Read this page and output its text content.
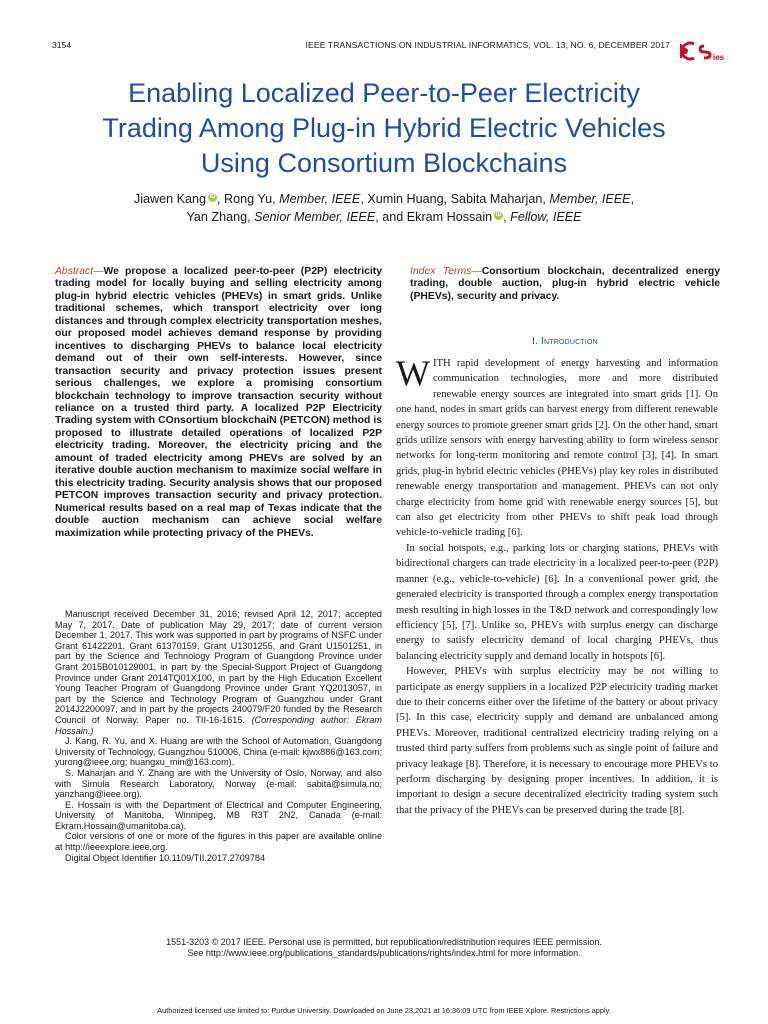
3154	IEEE TRANSACTIONS ON INDUSTRIAL INFORMATICS, VOL. 13, NO. 6, DECEMBER 2017
ies
Enabling Localized Peer-to-Peer Electricity
Trading Among Plug-in Hybrid Electric Vehicles
Using Consortium Blockchains
Jiawen Kang iD , Rong Yu, Member, IEEE, Xumin Huang, Sabita Maharjan, Member, IEEE,
Yan Zhang, Senior Member, IEEE, and Ekram Hossain iD , Fellow, IEEE
Abstract—We propose a localized peer-to-peer (P2P) electricity trading model for locally buying and selling electricity among plug-in hybrid electric vehicles (PHEVs) in smart grids. Unlike traditional schemes, which transport electricity over long distances and through complex electricity transportation meshes, our proposed model achieves demand response by providing incentives to discharging PHEVs to balance local electricity demand out of their own self-interests. However, since transaction security and privacy protection issues present serious challenges, we explore a promising consortium blockchain technology to improve transaction security without reliance on a trusted third party. A localized P2P Electricity Trading system with COnsortium blockchaiN (PETCON) method is proposed to illustrate detailed operations of localized P2P electricity trading. Moreover, the electricity pricing and the amount of traded electricity among PHEVs are solved by an iterative double auction mechanism to maximize social welfare in this electricity trading. Security analysis shows that our proposed PETCON improves transaction security and privacy protection. Numerical results based on a real map of Texas indicate that the double auction mechanism can achieve social welfare maximization while protecting privacy of the PHEVs.
Index Terms—Consortium blockchain, decentralized energy trading, double auction, plug-in hybrid electric vehicle (PHEVs), security and privacy.
I. Introduction

WITH rapid development of energy harvesting and information communication technologies, more and more distributed renewable energy sources are integrated into smart grids [1]. On one hand, nodes in smart grids can harvest energy from different renewable energy sources to promote greener smart grids [2]. On the other hand, smart grids utilize sensors with energy harvesting ability to form wireless sensor networks for long-term monitoring and remote control [3], [4]. In smart grids, plug-in hybrid electric vehicles (PHEVs) play key roles in distributed renewable energy transportation and management. PHEVs can not only charge electricity from home grid with renewable energy sources [5], but can also get electricity from other PHEVs to shift peak load through vehicle-to-vehicle trading [6].

In social hotspots, e.g., parking lots or charging stations, PHEVs with bidirectional chargers can trade electricity in a localized peer-to-peer (P2P) manner (e.g., vehicle-to-vehicle) [6]. In a conventional power grid, the generated electricity is transported through a complex energy transportation mesh resulting in high losses in the T&D network and correspondingly low efficiency [5], [7]. Unlike so, PHEVs with surplus energy can discharge energy to satisfy electricity demand of local charging PHEVs, thus balancing electricity supply and demand locally in hotspots [6].

However, PHEVs with surplus electricity may be not willing to participate as energy suppliers in a localized P2P electricity trading market due to their concerns either over the lifetime of the battery or about privacy [5]. In this case, electricity supply and demand are unbalanced among PHEVs. Moreover, traditional centralized electricity trading relying on a trusted third party suffers from problems such as single point of failure and privacy leakage [8]. Therefore, it is necessary to encourage more PHEVs to perform discharging by designing proper incentives. In addition, it is important to design a secure decentralized electricity trading system such that the privacy of the PHEVs can be preserved during the trade [8].

Manuscript received December 31, 2016; revised April 12, 2017; accepted May 7, 2017. Date of publication May 29, 2017; date of current version December 1, 2017. This work was supported in part by programs of NSFC under Grant 61422201, Grant 61370159, Grant U1301255, and Grant U1501251, in part by the Science and Technology Program of Guangdong Province under Grant 2015B010129001, in part by the Special-Support Project of Guangdong Province under Grant 2014TQ01X100, in part by the High Education Excellent Young Teacher Program of Guangdong Province under Grant YQ2013057, in part by the Science and Technology Program of Guangzhou under Grant 2014J2200097, and in part by the projects 240079/F20 funded by the Research Council of Norway. Paper no. TII-16-1615. (Corresponding author: Ekram Hossain.)

J. Kang, R. Yu, and X. Huang are with the School of Automation, Guangdong University of Technology, Guangzhou 510006, China (e-mail: kjwx886@163.com; yurong@ieee.org; huangxu_min@163.com).

S. Maharjan and Y. Zhang are with the University of Oslo, Norway, and also with Simula Research Laboratory, Norway (e-mail: sabita@simula.no; yanzhang@ieee.org).

E. Hossain is with the Department of Electrical and Computer Engineering, University of Manitoba, Winnipeg, MB R3T 2N2, Canada (e-mail: Ekram.Hossain@umanitoba.ca).

Color versions of one or more of the figures in this paper are available online at http://ieeexplore.ieee.org.

Digital Object Identifier 10.1109/TII.2017.2709784

1551-3203 © 2017 IEEE. Personal use is permitted, but republication/redistribution requires IEEE permission.
See http://www.ieee.org/publications_standards/publications/rights/index.html for more information.
Authorized licensed use limited to: Purdue University. Downloaded on June 23,2021 at 16:36:09 UTC from IEEE Xplore. Restrictions apply.
